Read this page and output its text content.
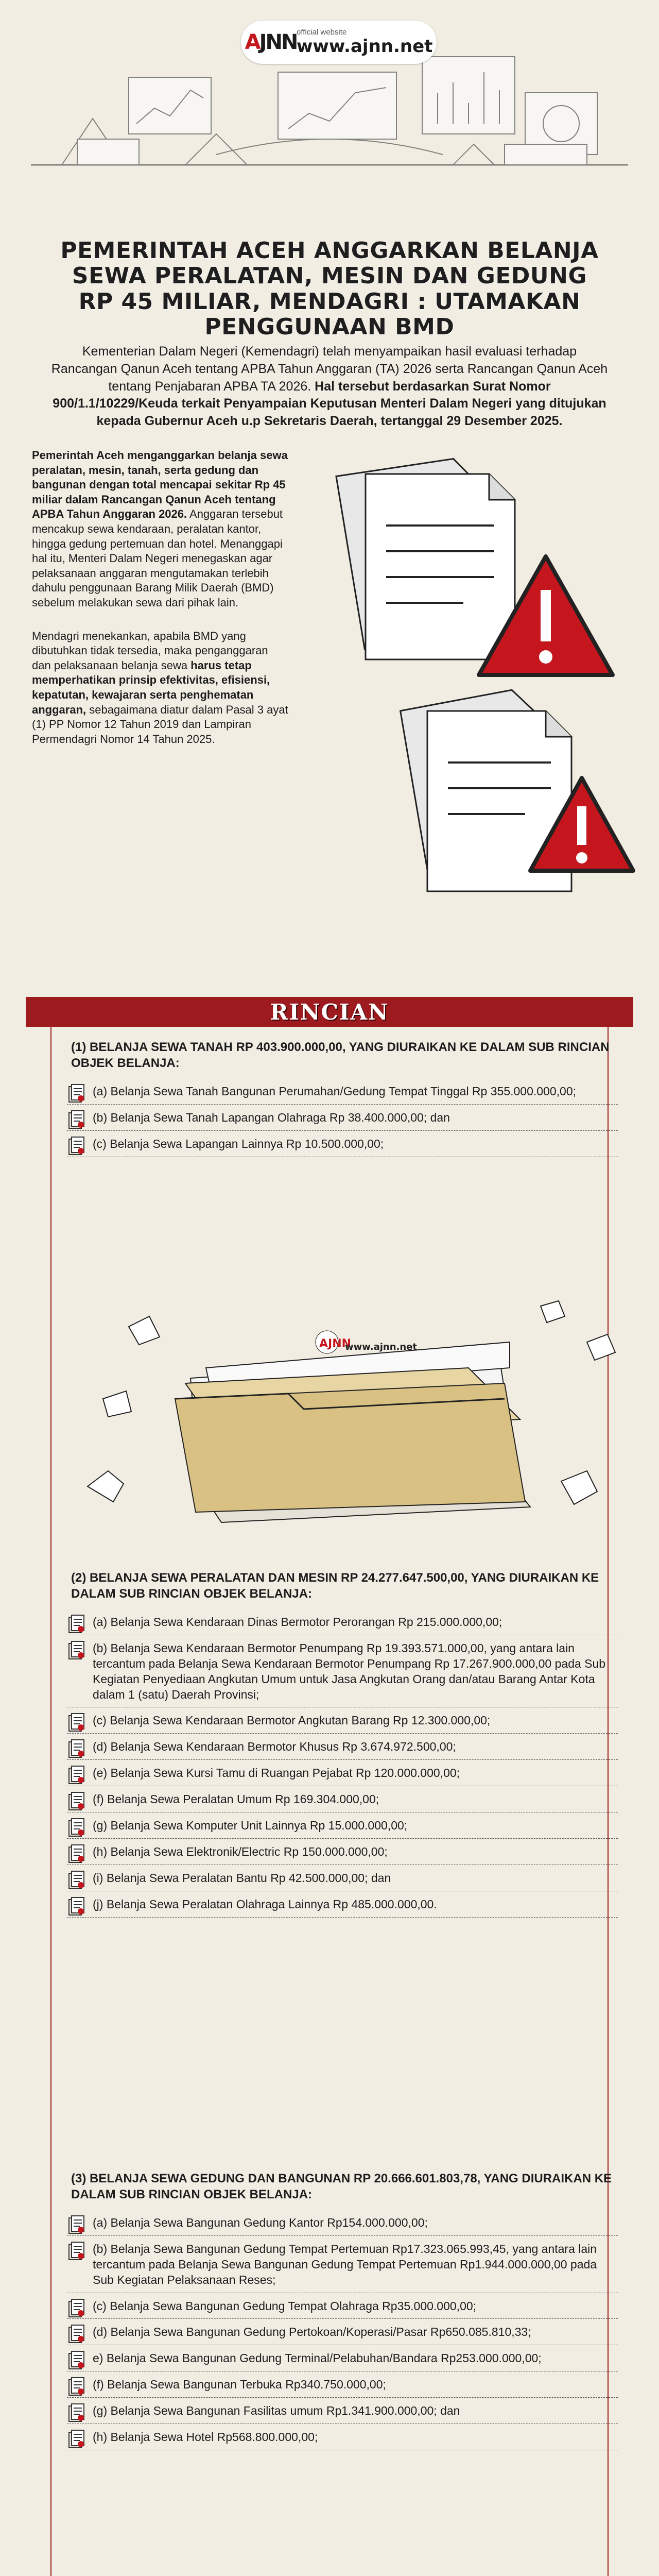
A JN N official website
www.ajnn.net
PEMERINTAH ACEH ANGGARKAN BELANJA SEWA PERALATAN, MESIN DAN GEDUNG RP 45 MILIAR, MENDAGRI : UTAMAKAN PENGGUNAAN BMD
Kementerian Dalam Negeri (Kemendagri) telah menyampaikan hasil evaluasi terhadap Rancangan Qanun Aceh tentang APBA Tahun Anggaran (TA) 2026 serta Rancangan Qanun Aceh tentang Penjabaran APBA TA 2026. Hal tersebut berdasarkan Surat Nomor 900/1.1/10229/Keuda terkait Penyampaian Keputusan Menteri Dalam Negeri yang ditujukan kepada Gubernur Aceh u.p Sekretaris Daerah, tertanggal 29 Desember 2025.

Pemerintah Aceh menganggarkan belanja sewa peralatan, mesin, tanah, serta gedung dan bangunan dengan total mencapai sekitar Rp 45 miliar dalam Rancangan Qanun Aceh tentang APBA Tahun Anggaran 2026. Anggaran tersebut mencakup sewa kendaraan, peralatan kantor, hingga gedung pertemuan dan hotel. Menanggapi hal itu, Menteri Dalam Negeri menegaskan agar pelaksanaan anggaran mengutamakan terlebih dahulu penggunaan Barang Milik Daerah (BMD) sebelum melakukan sewa dari pihak lain.

Mendagri menekankan, apabila BMD yang dibutuhkan tidak tersedia, maka penganggaran dan pelaksanaan belanja sewa harus tetap memperhatikan prinsip efektivitas, efisiensi, kepatutan, kewajaran serta penghematan anggaran, sebagaimana diatur dalam Pasal 3 ayat (1) PP Nomor 12 Tahun 2019 dan Lampiran Permendagri Nomor 14 Tahun 2025.

RINCIAN
(1) BELANJA SEWA TANAH RP 403.900.000,00, YANG DIURAIKAN KE DALAM SUB RINCIAN OBJEK BELANJA:
(a) Belanja Sewa Tanah Bangunan Perumahan/Gedung Tempat Tinggal Rp 355.000.000,00;
(b) Belanja Sewa Tanah Lapangan Olahraga Rp 38.400.000,00; dan
(c) Belanja Sewa Lapangan Lainnya Rp 10.500.000,00;
AJNN
www.ajnn.net
(2) BELANJA SEWA PERALATAN DAN MESIN RP 24.277.647.500,00, YANG DIURAIKAN KE DALAM SUB RINCIAN OBJEK BELANJA:
(a) Belanja Sewa Kendaraan Dinas Bermotor Perorangan Rp 215.000.000,00;
(b) Belanja Sewa Kendaraan Bermotor Penumpang Rp 19.393.571.000,00, yang antara lain tercantum pada Belanja Sewa Kendaraan Bermotor Penumpang Rp 17.267.900.000,00 pada Sub Kegiatan Penyediaan Angkutan Umum untuk Jasa Angkutan Orang dan/atau Barang Antar Kota dalam 1 (satu) Daerah Provinsi;
(c) Belanja Sewa Kendaraan Bermotor Angkutan Barang Rp 12.300.000,00;
(d) Belanja Sewa Kendaraan Bermotor Khusus Rp 3.674.972.500,00;
(e) Belanja Sewa Kursi Tamu di Ruangan Pejabat Rp 120.000.000,00;
(f) Belanja Sewa Peralatan Umum Rp 169.304.000,00;
(g) Belanja Sewa Komputer Unit Lainnya Rp 15.000.000,00;
(h) Belanja Sewa Elektronik/Electric Rp 150.000.000,00;
(i) Belanja Sewa Peralatan Bantu Rp 42.500.000,00; dan
(j) Belanja Sewa Peralatan Olahraga Lainnya Rp 485.000.000,00.
(3) BELANJA SEWA GEDUNG DAN BANGUNAN RP 20.666.601.803,78, YANG DIURAIKAN KE DALAM SUB RINCIAN OBJEK BELANJA:
(a) Belanja Sewa Bangunan Gedung Kantor Rp154.000.000,00;
(b) Belanja Sewa Bangunan Gedung Tempat Pertemuan Rp17.323.065.993,45, yang antara lain tercantum pada Belanja Sewa Bangunan Gedung Tempat Pertemuan Rp1.944.000.000,00 pada Sub Kegiatan Pelaksanaan Reses;
(c) Belanja Sewa Bangunan Gedung Tempat Olahraga Rp35.000.000,00;
(d) Belanja Sewa Bangunan Gedung Pertokoan/Koperasi/Pasar Rp650.085.810,33;
e) Belanja Sewa Bangunan Gedung Terminal/Pelabuhan/Bandara Rp253.000.000,00;
(f) Belanja Sewa Bangunan Terbuka Rp340.750.000,00;
(g) Belanja Sewa Bangunan Fasilitas umum Rp1.341.900.000,00; dan
(h) Belanja Sewa Hotel Rp568.800.000,00;
